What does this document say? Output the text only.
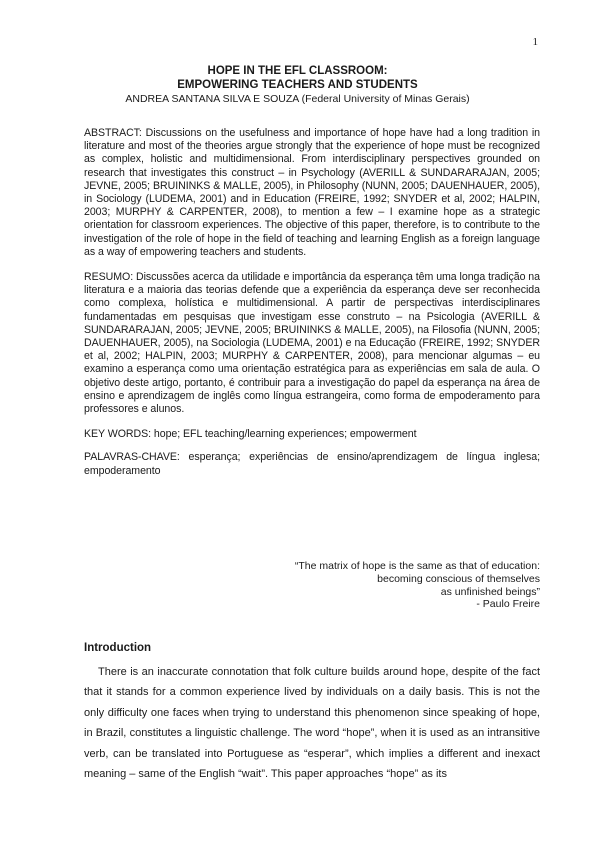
1
HOPE IN THE EFL CLASSROOM:
EMPOWERING TEACHERS AND STUDENTS
ANDREA SANTANA SILVA E SOUZA (Federal University of Minas Gerais)

ABSTRACT: Discussions on the usefulness and importance of hope have had a long tradition in literature and most of the theories argue strongly that the experience of hope must be recognized as complex, holistic and multidimensional. From interdisciplinary perspectives grounded on research that investigates this construct – in Psychology (AVERILL & SUNDARARAJAN, 2005; JEVNE, 2005; BRUININKS & MALLE, 2005), in Philosophy (NUNN, 2005; DAUENHAUER, 2005), in Sociology (LUDEMA, 2001) and in Education (FREIRE, 1992; SNYDER et al, 2002; HALPIN, 2003; MURPHY & CARPENTER, 2008), to mention a few – I examine hope as a strategic orientation for classroom experiences. The objective of this paper, therefore, is to contribute to the investigation of the role of hope in the field of teaching and learning English as a foreign language as a way of empowering teachers and students.

RESUMO: Discussões acerca da utilidade e importância da esperança têm uma longa tradição na literatura e a maioria das teorias defende que a experiência da esperança deve ser reconhecida como complexa, holística e multidimensional. A partir de perspectivas interdisciplinares fundamentadas em pesquisas que investigam esse construto – na Psicologia (AVERILL & SUNDARARAJAN, 2005; JEVNE, 2005; BRUININKS & MALLE, 2005), na Filosofia (NUNN, 2005; DAUENHAUER, 2005), na Sociologia (LUDEMA, 2001) e na Educação (FREIRE, 1992; SNYDER et al, 2002; HALPIN, 2003; MURPHY & CARPENTER, 2008), para mencionar algumas – eu examino a esperança como uma orientação estratégica para as experiências em sala de aula. O objetivo deste artigo, portanto, é contribuir para a investigação do papel da esperança na área de ensino e aprendizagem de inglês como língua estrangeira, como forma de empoderamento para professores e alunos.

KEY WORDS: hope; EFL teaching/learning experiences; empowerment

PALAVRAS-CHAVE: esperança; experiências de ensino/aprendizagem de língua inglesa; empoderamento

“The matrix of hope is the same as that of education:
becoming conscious of themselves
as unfinished beings”
- Paulo Freire
Introduction

There is an inaccurate connotation that folk culture builds around hope, despite of the fact that it stands for a common experience lived by individuals on a daily basis. This is not the only difficulty one faces when trying to understand this phenomenon since speaking of hope, in Brazil, constitutes a linguistic challenge. The word “hope”, when it is used as an intransitive verb, can be translated into Portuguese as “esperar”, which implies a different and inexact meaning – same of the English “wait”. This paper approaches “hope” as its
